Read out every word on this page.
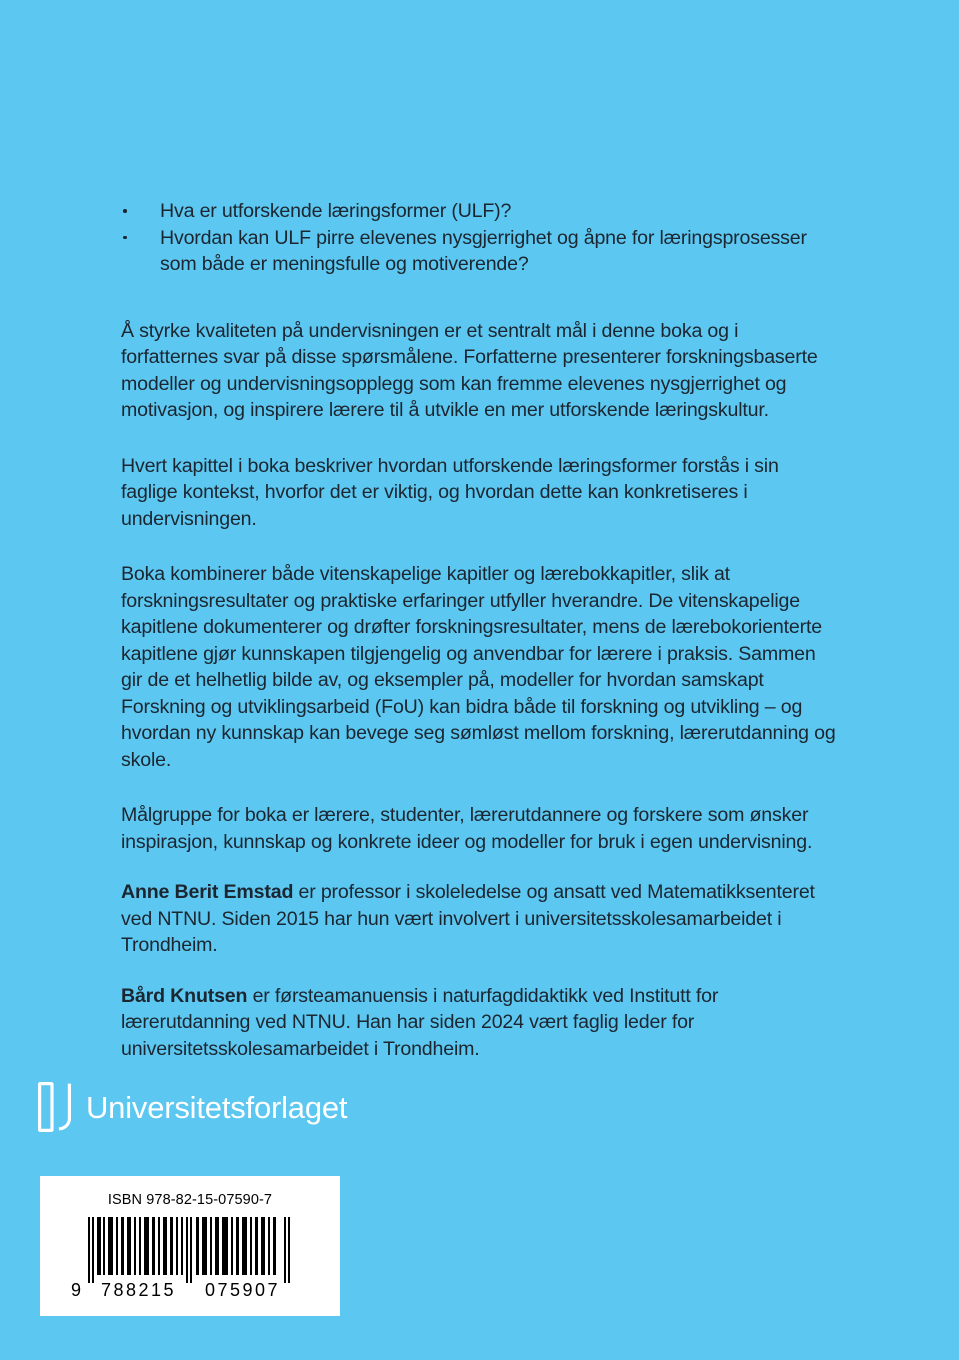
Hva er utforskende læringsformer (ULF)?
Hvordan kan ULF pirre elevenes nysgjerrighet og åpne for læringsprosesser som både er meningsfulle og motiverende?

Å styrke kvaliteten på undervisningen er et sentralt mål i denne boka og i forfatternes svar på disse spørsmålene. Forfatterne presenterer forskningsbaserte modeller og undervisningsopplegg som kan fremme elevenes nysgjerrighet og motivasjon, og inspirere lærere til å utvikle en mer utforskende læringskultur.

Hvert kapittel i boka beskriver hvordan utforskende læringsformer forstås i sin faglige kontekst, hvorfor det er viktig, og hvordan dette kan konkretiseres i undervisningen.

Boka kombinerer både vitenskapelige kapitler og lærebokkapitler, slik at forskningsresultater og praktiske erfaringer utfyller hverandre. De vitenskapelige kapitlene dokumenterer og drøfter forskningsresultater, mens de lærebokorienterte kapitlene gjør kunnskapen tilgjengelig og anvendbar for lærere i praksis. Sammen gir de et helhetlig bilde av, og eksempler på, modeller for hvordan samskapt Forskning og utviklingsarbeid (FoU) kan bidra både til forskning og utvikling – og hvordan ny kunnskap kan bevege seg sømløst mellom forskning, lærerutdanning og skole.

Målgruppe for boka er lærere, studenter, lærerutdannere og forskere som ønsker inspirasjon, kunnskap og konkrete ideer og modeller for bruk i egen undervisning.

Anne Berit Emstad er professor i skoleledelse og ansatt ved Matematikksenteret ved NTNU. Siden 2015 har hun vært involvert i universitetsskolesamarbeidet i Trondheim.

Bård Knutsen er førsteamanuensis i naturfagdidaktikk ved Institutt for lærerutdanning ved NTNU. Han har siden 2024 vært faglig leder for universitetsskolesamarbeidet i Trondheim.

Universitetsforlaget
ISBN 978-82-15-07590-7
9 788215 075907
